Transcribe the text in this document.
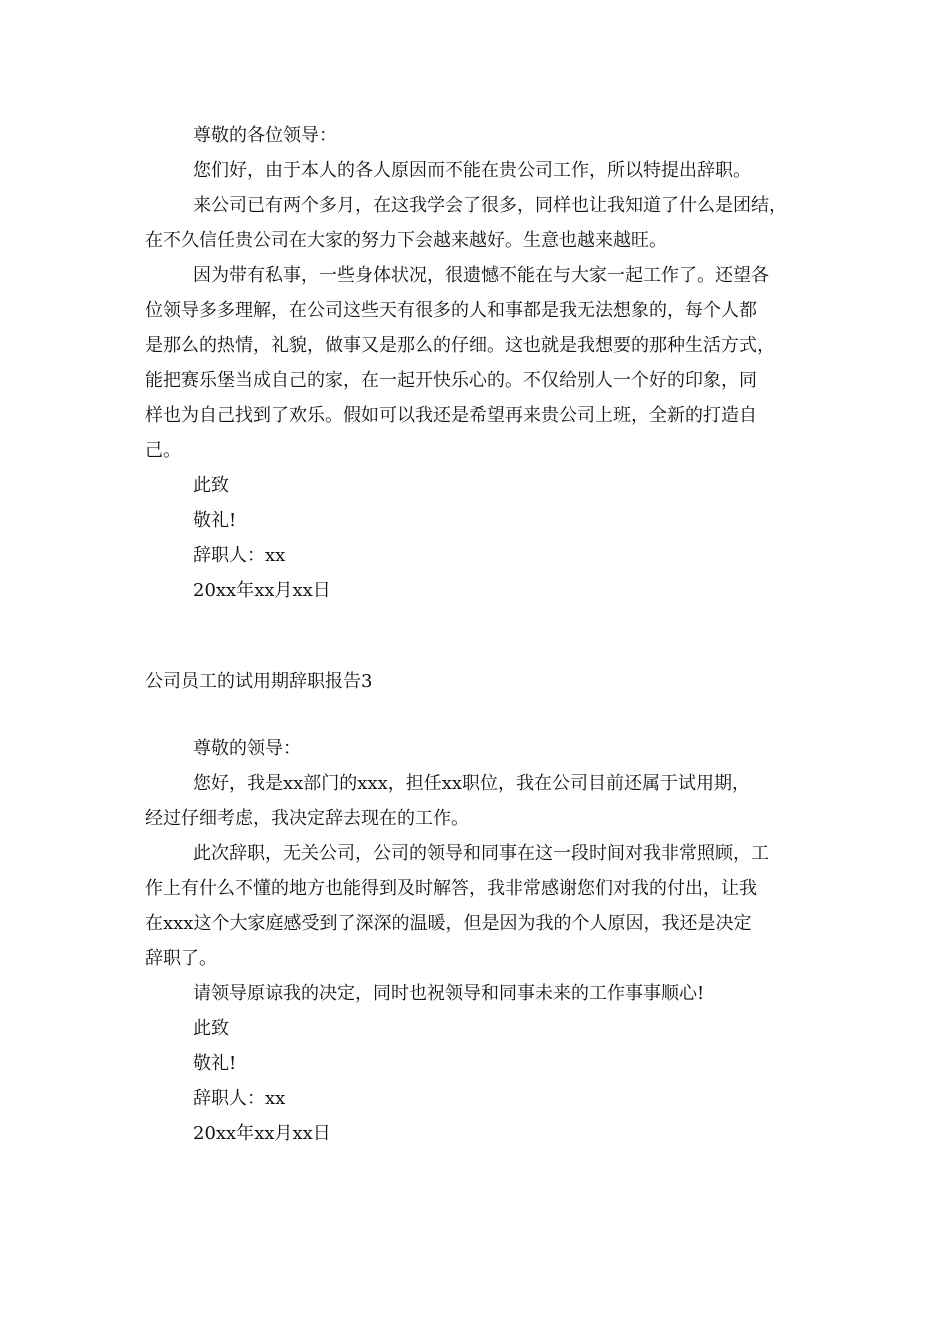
尊敬的各位领导：

您们好，由于本人的各人原因而不能在贵公司工作，所以特提出辞职。

来公司已有两个多月，在这我学会了很多，同样也让我知道了什么是团结，

在不久信任贵公司在大家的努力下会越来越好。生意也越来越旺。

因为带有私事，一些身体状况，很遗憾不能在与大家一起工作了。还望各

位领导多多理解，在公司这些天有很多的人和事都是我无法想象的，每个人都

是那么的热情，礼貌，做事又是那么的仔细。这也就是我想要的那种生活方式，

能把赛乐堡当成自己的家，在一起开快乐心的。不仅给别人一个好的印象，同

样也为自己找到了欢乐。假如可以我还是希望再来贵公司上班，全新的打造自

己。

此致

敬礼!

辞职人：xx

20xx年xx月xx日

公司员工的试用期辞职报告3

尊敬的领导：

您好，我是xx部门的xxx，担任xx职位，我在公司目前还属于试用期，

经过仔细考虑，我决定辞去现在的工作。

此次辞职，无关公司，公司的领导和同事在这一段时间对我非常照顾，工

作上有什么不懂的地方也能得到及时解答，我非常感谢您们对我的付出，让我

在xxx这个大家庭感受到了深深的温暖，但是因为我的个人原因，我还是决定

辞职了。

请领导原谅我的决定，同时也祝领导和同事未来的工作事事顺心!

此致

敬礼!

辞职人：xx

20xx年xx月xx日
